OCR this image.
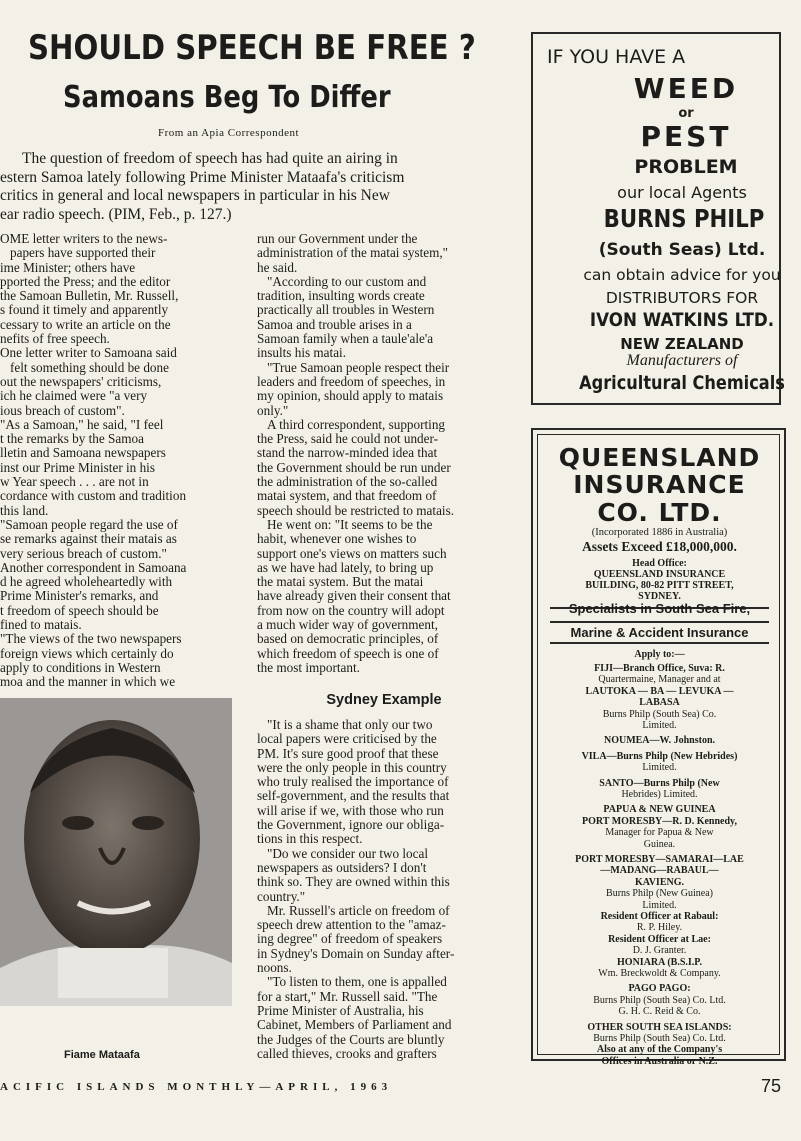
SHOULD SPEECH BE FREE ?
Samoans Beg To Differ
From an Apia Correspondent

The question of freedom of speech has had quite an airing in

estern Samoa lately following Prime Minister Mataafa's criticism

critics in general and local newspapers in particular in his New

ear radio speech. (PIM, Feb., p. 127.)

OME letter writers to the news-

papers have supported their

ime Minister; others have

pported the Press; and the editor

the Samoan Bulletin, Mr. Russell,

s found it timely and apparently

cessary to write an article on the

nefits of free speech.

One letter writer to Samoana said

felt something should be done

out the newspapers' criticisms,

ich he claimed were "a very

ious breach of custom".

"As a Samoan," he said, "I feel

t the remarks by the Samoa

lletin and Samoana newspapers

inst our Prime Minister in his

w Year speech . . . are not in

cordance with custom and tradition

this land.

"Samoan people regard the use of

se remarks against their matais as

very serious breach of custom."

Another correspondent in Samoana

d he agreed wholeheartedly with

Prime Minister's remarks, and

t freedom of speech should be

fined to matais.

"The views of the two newspapers

foreign views which certainly do

apply to conditions in Western

moa and the manner in which we

run our Government under the

administration of the matai system,"

he said.

"According to our custom and

tradition, insulting words create

practically all troubles in Western

Samoa and trouble arises in a

Samoan family when a taule'ale'a

insults his matai.

"True Samoan people respect their

leaders and freedom of speeches, in

my opinion, should apply to matais

only."

A third correspondent, supporting

the Press, said he could not under-

stand the narrow-minded idea that

the Government should be run under

the administration of the so-called

matai system, and that freedom of

speech should be restricted to matais.

He went on: "It seems to be the

habit, whenever one wishes to

support one's views on matters such

as we have had lately, to bring up

the matai system. But the matai

have already given their consent that

from now on the country will adopt

a much wider way of government,

based on democratic principles, of

which freedom of speech is one of

the most important.

Sydney Example

"It is a shame that only our two

local papers were criticised by the

PM. It's sure good proof that these

were the only people in this country

who truly realised the importance of

self-government, and the results that

will arise if we, with those who run

the Government, ignore our obliga-

tions in this respect.

"Do we consider our two local

newspapers as outsiders? I don't

think so. They are owned within this

country."

Mr. Russell's article on freedom of

speech drew attention to the "amaz-

ing degree" of freedom of speakers

in Sydney's Domain on Sunday after-

noons.

"To listen to them, one is appalled

for a start," Mr. Russell said. "The

Prime Minister of Australia, his

Cabinet, Members of Parliament and

the Judges of the Courts are bluntly

called thieves, crooks and grafters

Fiame Mataafa
ACIFIC ISLANDS MONTHLY—APRIL, 1963	75
IF YOU HAVE A
WEED
or
PEST
PROBLEM
our local Agents
BURNS PHILP
(South Seas) Ltd.
can obtain advice for you
DISTRIBUTORS FOR
IVON WATKINS LTD.
NEW ZEALAND
Manufacturers of
Agricultural Chemicals
QUEENSLAND
INSURANCE
CO. LTD.
(Incorporated 1886 in Australia)
Assets Exceed £18,000,000.
Head Office:
QUEENSLAND INSURANCE
BUILDING, 80-82 PITT STREET,
SYDNEY.
Specialists in South Sea Fire,
Marine & Accident Insurance
Apply to:—
FIJI—Branch Office, Suva: R.
Quartermaine, Manager and at
LAUTOKA — BA — LEVUKA —
LABASA
Burns Philp (South Sea) Co.
Limited.
NOUMEA—W. Johnston.
VILA—Burns Philp (New Hebrides)
Limited.
SANTO—Burns Philp (New
Hebrides) Limited.
PAPUA & NEW GUINEA
PORT MORESBY—R. D. Kennedy,
Manager for Papua & New
Guinea.
PORT MORESBY—SAMARAI—LAE
—MADANG—RABAUL—
KAVIENG.
Burns Philp (New Guinea)
Limited.
Resident Officer at Rabaul:
R. P. Hiley.
Resident Officer at Lae:
D. J. Granter.
HONIARA (B.S.I.P.
Wm. Breckwoldt & Company.
PAGO PAGO:
Burns Philp (South Sea) Co. Ltd.
G. H. C. Reid & Co.
OTHER SOUTH SEA ISLANDS:
Burns Philp (South Sea) Co. Ltd.
Also at any of the Company's
Offices in Australia or N.Z.
